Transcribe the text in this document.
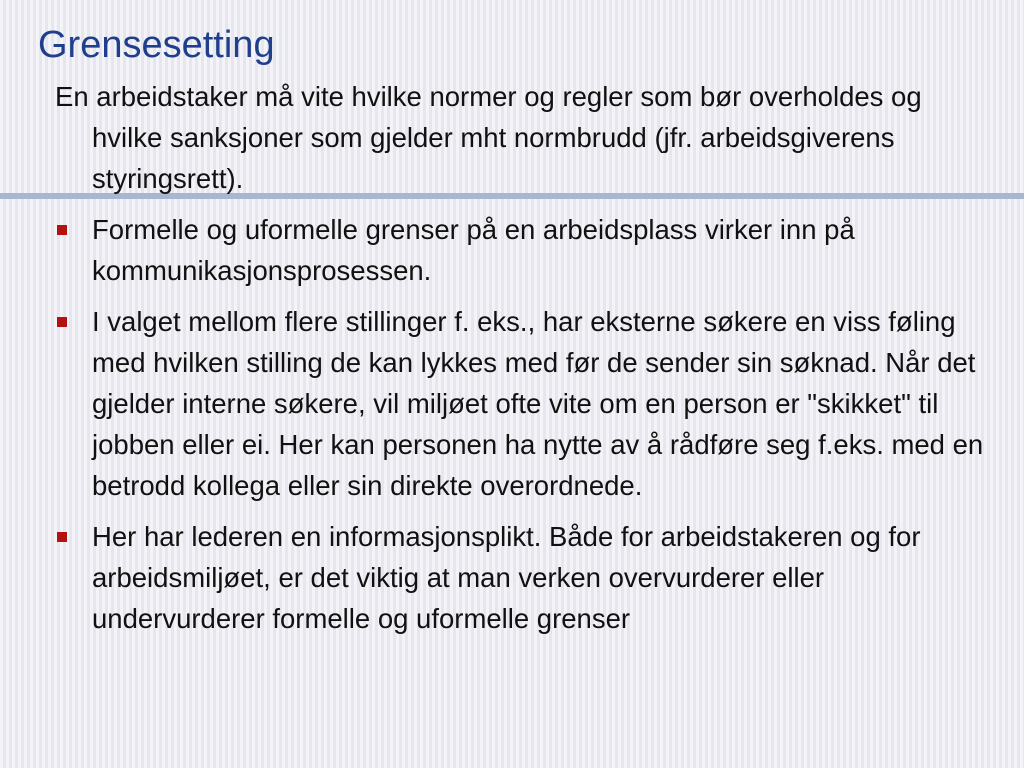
Grensesetting

En arbeidstaker må vite hvilke normer og regler som bør overholdes og hvilke sanksjoner som gjelder mht normbrudd (jfr. arbeidsgiverens styringsrett).

Formelle og uformelle grenser på en arbeidsplass virker inn på kommunikasjonsprosessen.
I valget mellom flere stillinger f. eks., har eksterne søkere en viss føling med hvilken stilling de kan lykkes med før de sender sin søknad. Når det gjelder interne søkere, vil miljøet ofte vite om en person er "skikket" til jobben eller ei. Her kan personen ha nytte av å rådføre seg f.eks. med en betrodd kollega eller sin direkte overordnede.
Her har lederen en informasjonsplikt. Både for arbeidstakeren og for arbeidsmiljøet, er det viktig at man verken overvurderer eller undervurderer formelle og uformelle grenser
